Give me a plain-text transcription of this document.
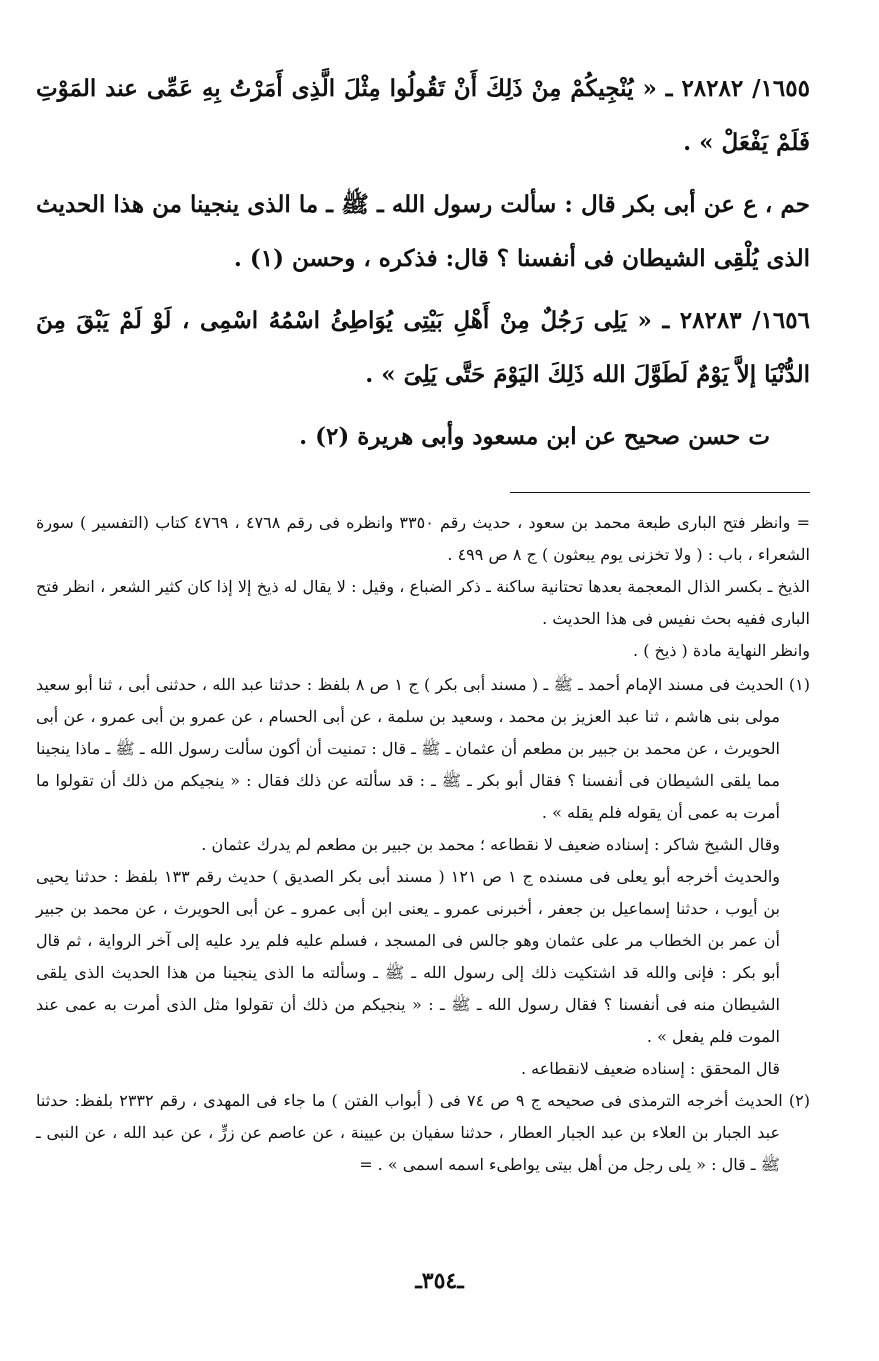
١٦٥٥/ ٢٨٢٨٢ ـ « يُنْجِيكُمْ مِنْ ذَلِكَ أَنْ تَقُولُوا مِثْلَ الَّذِى أَمَرْتُ بِهِ عَمِّى عند المَوْتِ فَلَمْ يَفْعَلْ » .

حم ، ع عن أبى بكر قال : سألت رسول الله ـ ﷺ ـ ما الذى ينجينا من هذا الحديث الذى يُلْقِى الشيطان فى أنفسنا ؟ قال: فذكره ، وحسن (١) .

١٦٥٦/ ٢٨٢٨٣ ـ « يَلِى رَجُلٌ مِنْ أَهْلِ بَيْتِى يُوَاطِئُ اسْمُهُ اسْمِى ، لَوْ لَمْ يَبْقَ مِنَ الدُّنْيَا إلاَّ يَوْمٌ لَطَوَّلَ الله ذَلِكَ اليَوْمَ حَتَّى يَلِىَ » .

ت حسن صحيح عن ابن مسعود وأبى هريرة (٢) .

= وانظر فتح البارى طبعة محمد بن سعود ، حديث رقم ٣٣٥٠ وانظره فى رقم ٤٧٦٨ ، ٤٧٦٩ كتاب (التفسير ) سورة الشعراء ، باب : ( ولا تخزنى يوم يبعثون ) ج ٨ ص ٤٩٩ .

الذيخ ـ بكسر الذال المعجمة بعدها تحتانية ساكنة ـ ذكر الضباع ، وقيل : لا يقال له ذيخ إلا إذا كان كثير الشعر ، انظر فتح البارى ففيه بحث نفيس فى هذا الحديث .

وانظر النهاية مادة ( ذيخ ) .

(١) الحديث فى مسند الإمام أحمد ـ ﷺ ـ ( مسند أبى بكر ) ج ١ ص ٨ بلفظ : حدثنا عبد الله ، حدثنى أبى ، ثنا أبو سعيد مولى بنى هاشم ، ثنا عبد العزيز بن محمد ، وسعيد بن سلمة ، عن أبى الحسام ، عن عمرو بن أبى عمرو ، عن أبى الحويرث ، عن محمد بن جبير بن مطعم أن عثمان ـ ﷺ ـ قال : تمنيت أن أكون سألت رسول الله ـ ﷺ ـ ماذا ينجينا مما يلقى الشيطان فى أنفسنا ؟ فقال أبو بكر ـ ﷺ ـ : قد سألته عن ذلك فقال : « ينجيكم من ذلك أن تقولوا ما أمرت به عمى أن يقوله فلم يقله » .

وقال الشيخ شاكر : إسناده ضعيف لا نقطاعه ؛ محمد بن جبير بن مطعم لم يدرك عثمان .

والحديث أخرجه أبو يعلى فى مسنده ج ١ ص ١٢١ ( مسند أبى بكر الصديق ) حديث رقم ١٣٣ بلفظ : حدثنا يحيى بن أيوب ، حدثنا إسماعيل بن جعفر ، أخبرنى عمرو ـ يعنى ابن أبى عمرو ـ عن أبى الحويرث ، عن محمد بن جبير أن عمر بن الخطاب مر على عثمان وهو جالس فى المسجد ، فسلم عليه فلم يرد عليه إلى آخر الرواية ، ثم قال أبو بكر : فإنى والله قد اشتكيت ذلك إلى رسول الله ـ ﷺ ـ وسألته ما الذى ينجينا من هذا الحديث الذى يلقى الشيطان منه فى أنفسنا ؟ فقال رسول الله ـ ﷺ ـ : « ينجيكم من ذلك أن تقولوا مثل الذى أمرت به عمى عند الموت فلم يفعل » .

قال المحقق : إسناده ضعيف لانقطاعه .

(٢) الحديث أخرجه الترمذى فى صحيحه ج ٩ ص ٧٤ فى ( أبواب الفتن ) ما جاء فى المهدى ، رقم ٢٣٣٢ بلفظ: حدثنا عبد الجبار بن العلاء بن عبد الجبار العطار ، حدثنا سفيان بن عيينة ، عن عاصم عن زرٍّ ، عن عبد الله ، عن النبى ـ ﷺ ـ قال : « يلى رجل من أهل بيتى يواطىء اسمه اسمى » . =

ـ٣٥٤ـ
